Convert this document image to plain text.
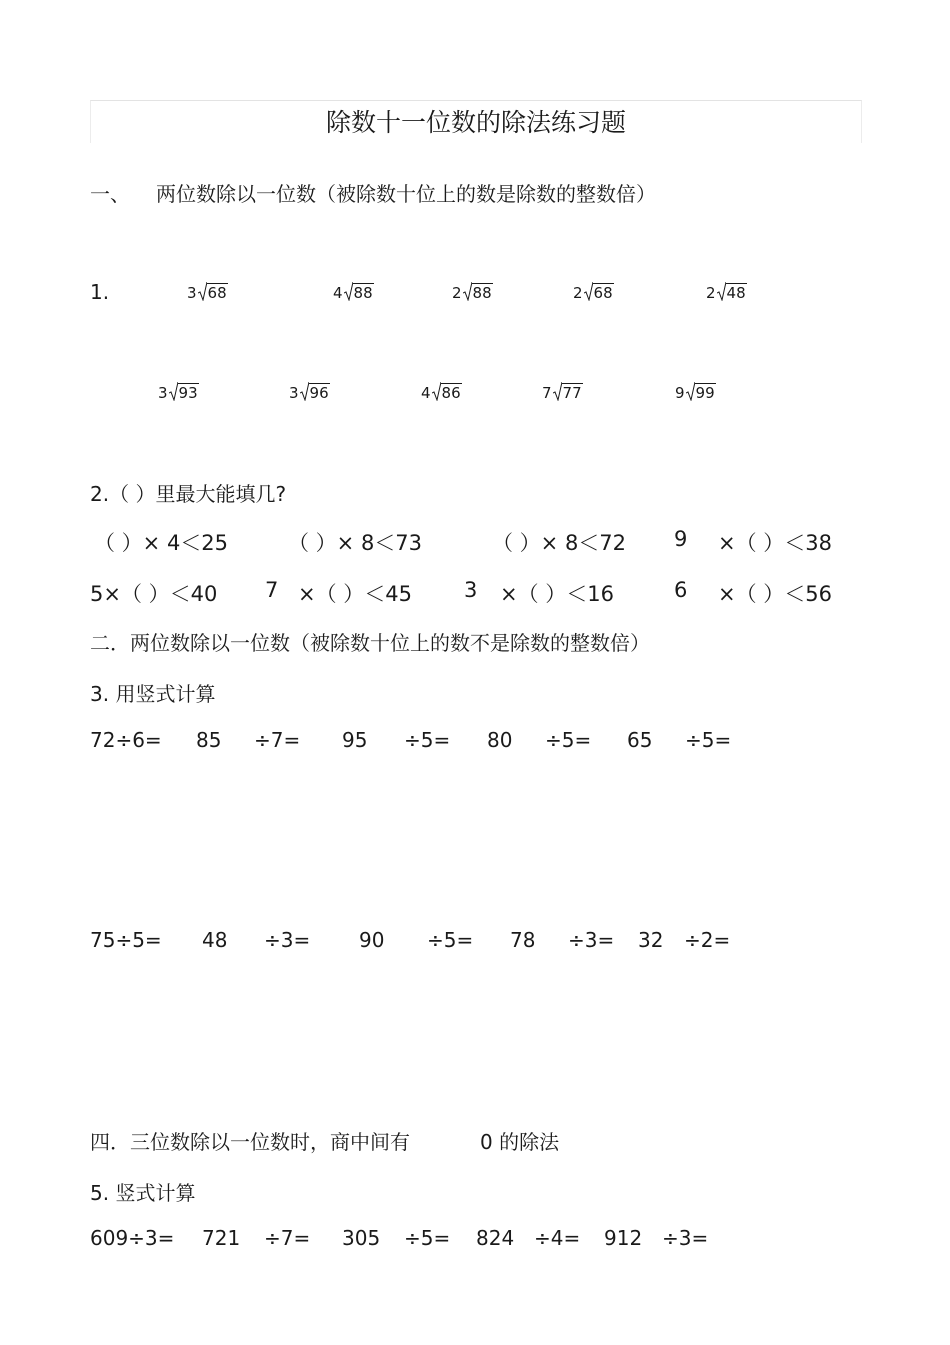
除数十一位数的除法练习题
一、 两位数除以一位数（被除数十位上的数是除数的整数倍）
1.	3 68	4 88	2 88	2 68	2 48
3 93	3 96	4 86	7 77	9 99
2.（ ）里最大能填几?
（ ）× 4＜25	（ ）× 8＜73	（ ）× 8＜72 9 ×（ ）＜38
5×（ ）＜40 7 ×（ ）＜45 3 ×（ ）＜16	6 ×（ ）＜56
二．两位数除以一位数（被除数十位上的数不是除数的整数倍）
3. 用竖式计算
72÷6= 85 ÷7= 95 ÷5= 80 ÷5= 65 ÷5=
75÷5= 48 ÷3= 90 ÷5= 78 ÷3= 32 ÷2=
四．三位数除以一位数时，商中间有	0 的除法
5. 竖式计算
609÷3= 721 ÷7= 305 ÷5= 824 ÷4= 912 ÷3=
